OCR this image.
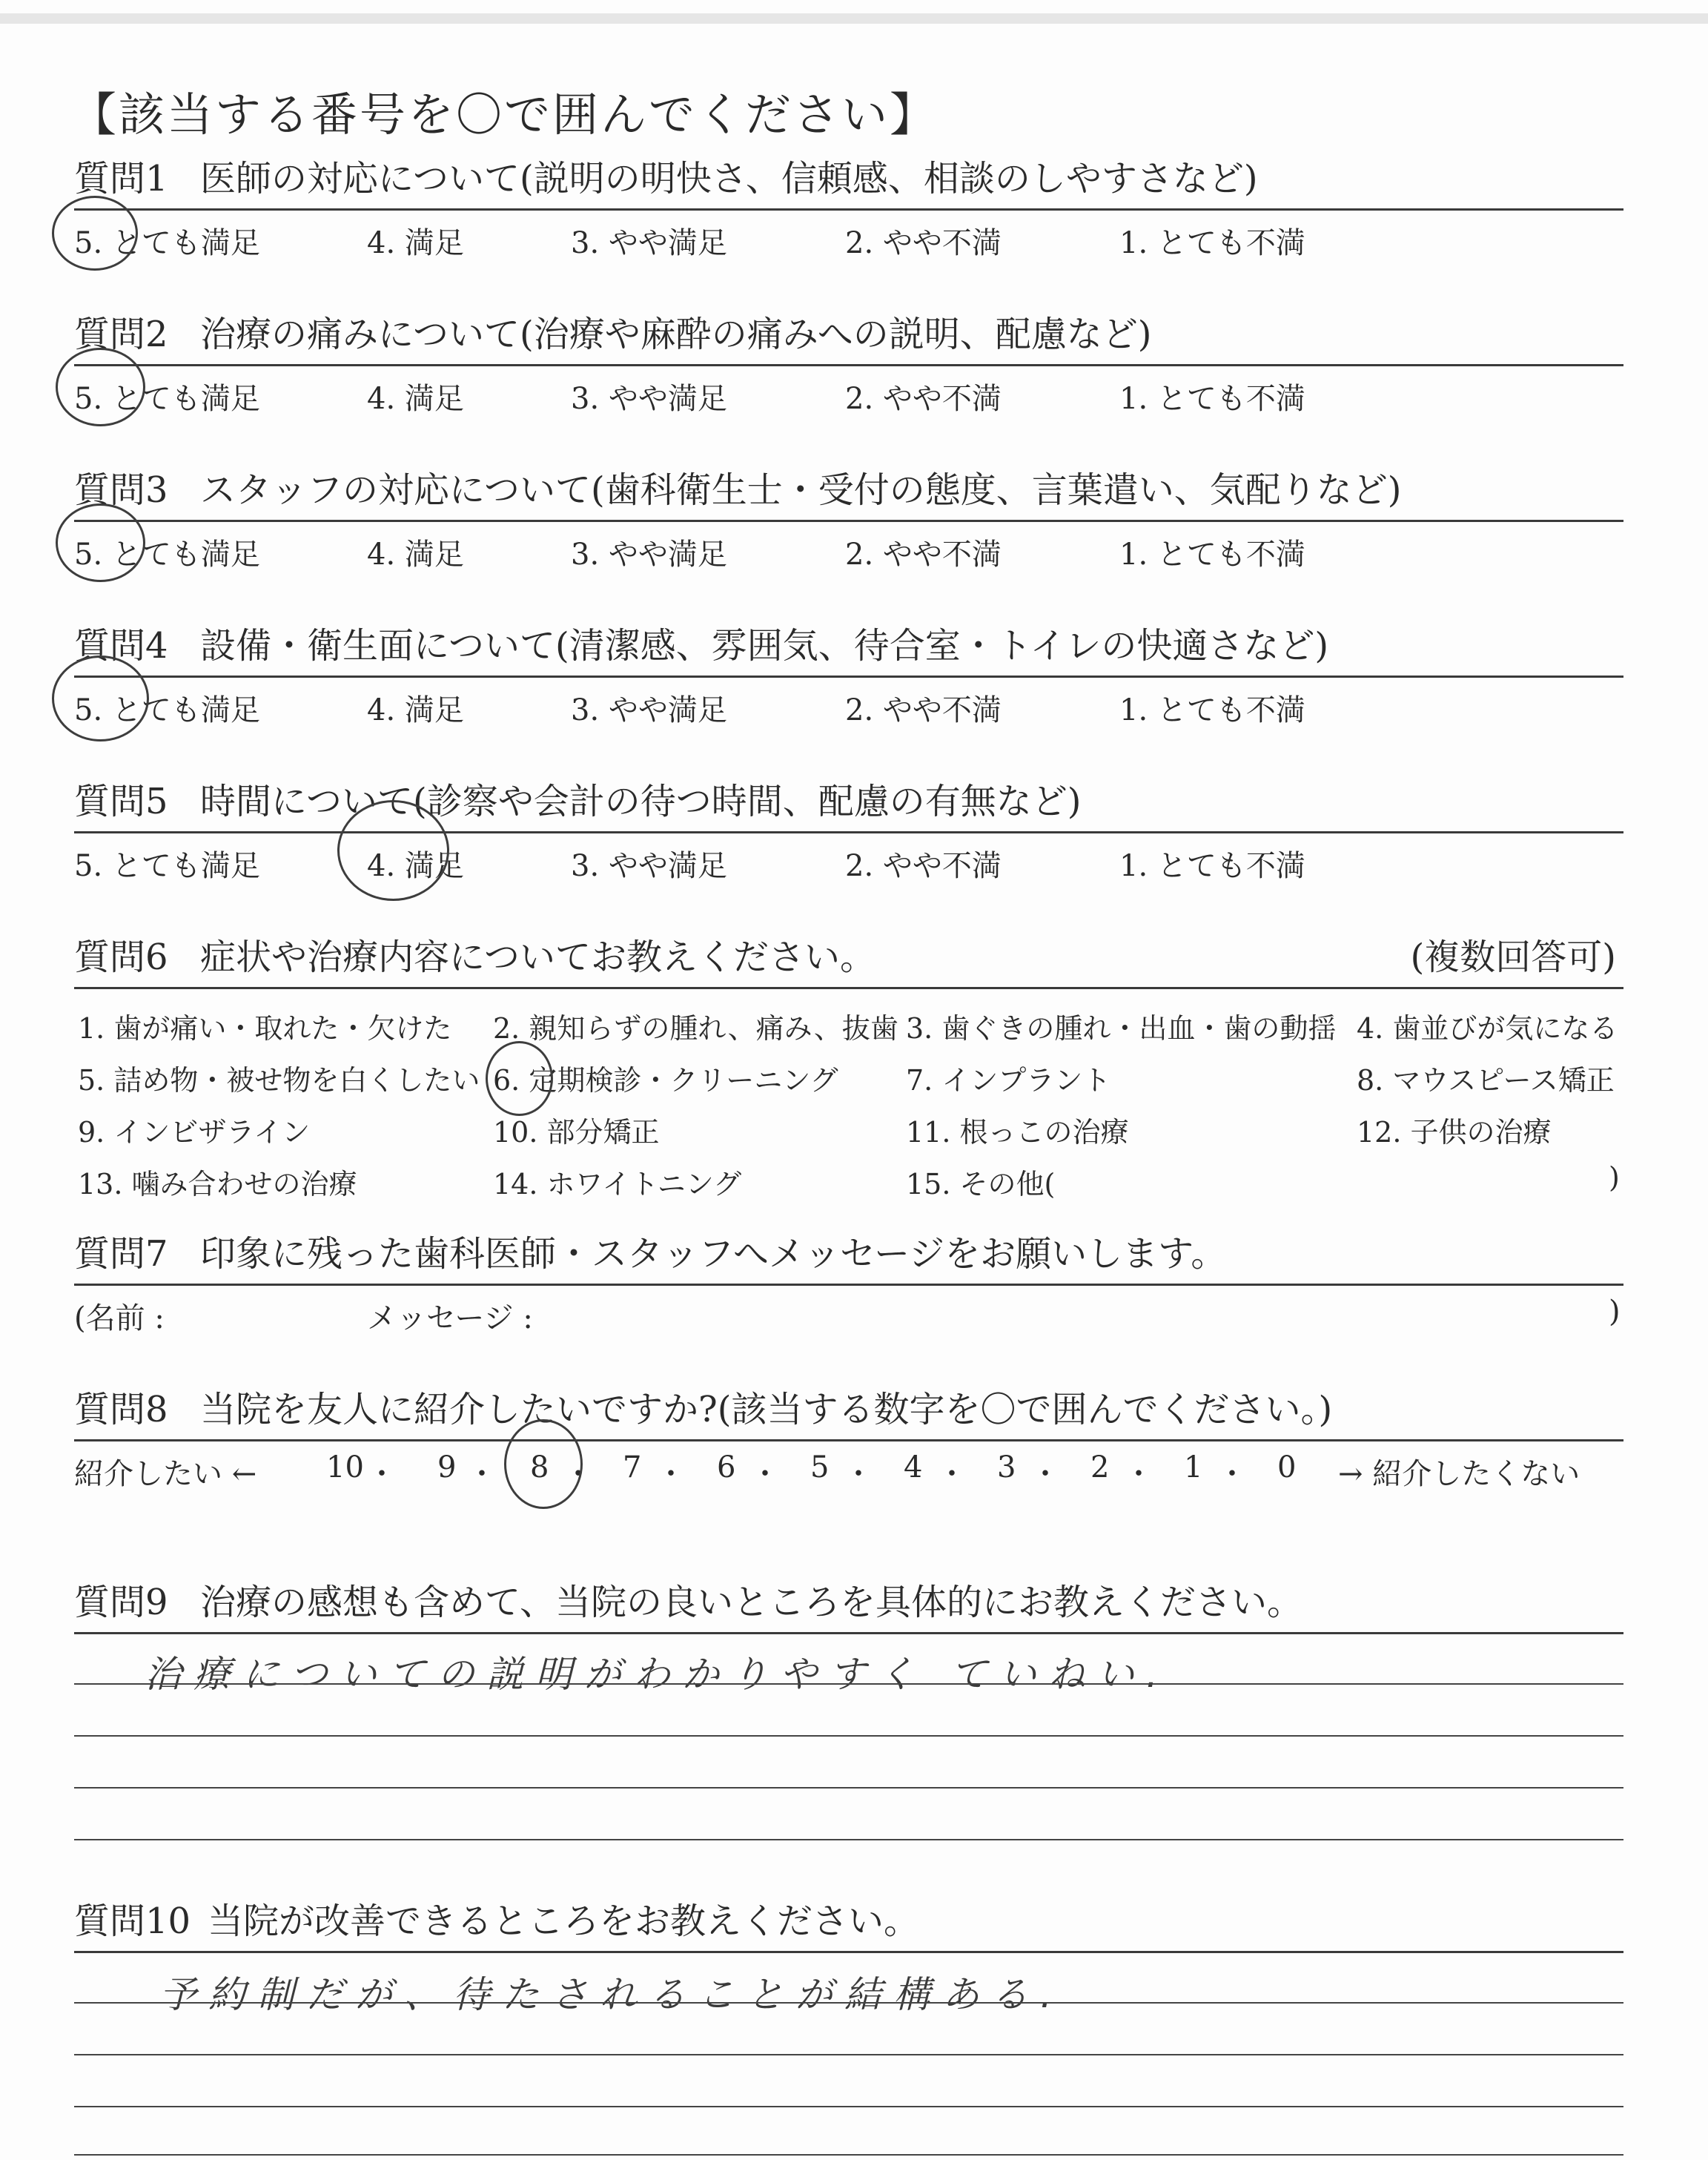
【該当する番号を〇で囲んでください】
質問1 医師の対応について(説明の明快さ、信頼感、相談のしやすさなど)
5. とても満足	4. 満足	3. やや満足	2. やや不満	1. とても不満
質問2 治療の痛みについて(治療や麻酔の痛みへの説明、配慮など)
5. とても満足	4. 満足	3. やや満足	2. やや不満	1. とても不満
質問3 スタッフの対応について(歯科衛生士・受付の態度、言葉遣い、気配りなど)
5. とても満足	4. 満足	3. やや満足	2. やや不満	1. とても不満
質問4 設備・衛生面について(清潔感、雰囲気、待合室・トイレの快適さなど)
5. とても満足	4. 満足	3. やや満足	2. やや不満	1. とても不満
質問5 時間について(診察や会計の待つ時間、配慮の有無など)
5. とても満足	4. 満足	3. やや満足	2. やや不満	1. とても不満
質問6 症状や治療内容についてお教えください。	(複数回答可)
1. 歯が痛い・取れた・欠けた 2. 親知らずの腫れ、痛み、抜歯 3. 歯ぐきの腫れ・出血・歯の動揺 4. 歯並びが気になる
5. 詰め物・被せ物を白くしたい 6. 定期検診・クリーニング 7. インプラント	8. マウスピース矯正
9. インビザライン	10. 部分矯正	11. 根っこの治療	12. 子供の治療
13. 噛み合わせの治療	14. ホワイトニング	15. その他(	)
質問7 印象に残った歯科医師・スタッフへメッセージをお願いします。
(名前 :	メッセージ :	)
質問8 当院を友人に紹介したいですか?(該当する数字を〇で囲んでください。)
紹介したい ← 10 ・ 9 ・ 8 ・ 7 ・ 6 ・ 5 ・ 4 ・ 3 ・ 2 ・ 1 ・ 0 → 紹介したくない
質問9 治療の感想も含めて、当院の良いところを具体的にお教えください。
治療についての説明がわかりやすく ていねい.
質問10 当院が改善できるところをお教えください。
予約制だが、待たされることが結構ある.
